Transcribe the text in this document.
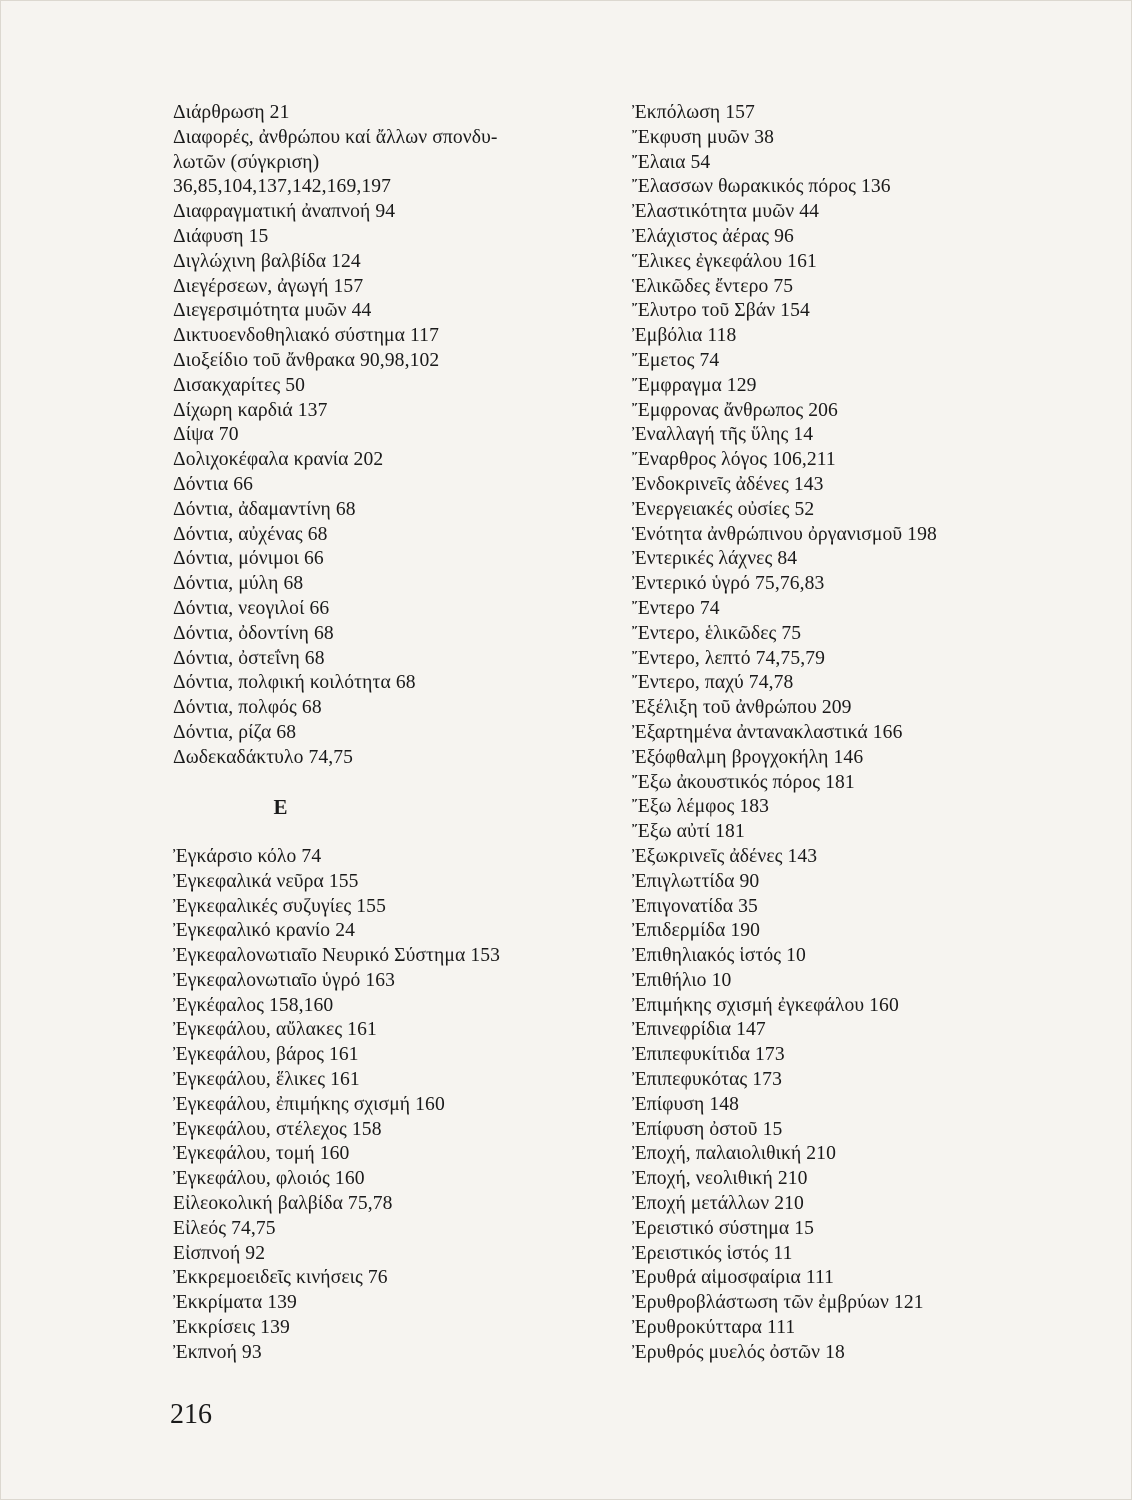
Διάρθρωση 21
Διαφορές, ἀνθρώπου καί ἄλλων σπονδυ-
λωτῶν (σύγκριση)
36,85,104,137,142,169,197
Διαφραγματική ἀναπνοή 94
Διάφυση 15
Διγλώχινη βαλβίδα 124
Διεγέρσεων, ἀγωγή 157
Διεγερσιμότητα μυῶν 44
Δικτυοενδοθηλιακό σύστημα 117
Διοξείδιο τοῦ ἄνθρακα 90,98,102
Δισακχαρίτες 50
Δίχωρη καρδιά 137
Δίψα 70
Δολιχοκέφαλα κρανία 202
Δόντια 66
Δόντια, ἀδαμαντίνη 68
Δόντια, αὐχένας 68
Δόντια, μόνιμοι 66
Δόντια, μύλη 68
Δόντια, νεογιλοί 66
Δόντια, ὀδοντίνη 68
Δόντια, ὀστεΐνη 68
Δόντια, πολφική κοιλότητα 68
Δόντια, πολφός 68
Δόντια, ρίζα 68
Δωδεκαδάκτυλο 74,75
E
Ἐγκάρσιο κόλο 74
Ἐγκεφαλικά νεῦρα 155
Ἐγκεφαλικές συζυγίες 155
Ἐγκεφαλικό κρανίο 24
Ἐγκεφαλονωτιαῖο Νευρικό Σύστημα 153
Ἐγκεφαλονωτιαῖο ὑγρό 163
Ἐγκέφαλος 158,160
Ἐγκεφάλου, αὔλακες 161
Ἐγκεφάλου, βάρος 161
Ἐγκεφάλου, ἕλικες 161
Ἐγκεφάλου, ἐπιμήκης σχισμή 160
Ἐγκεφάλου, στέλεχος 158
Ἐγκεφάλου, τομή 160
Ἐγκεφάλου, φλοιός 160
Εἰλεοκολική βαλβίδα 75,78
Εἰλεός 74,75
Εἰσπνοή 92
Ἐκκρεμοειδεῖς κινήσεις 76
Ἐκκρίματα 139
Ἐκκρίσεις 139
Ἐκπνοή 93
Ἐκπόλωση 157
Ἔκφυση μυῶν 38
Ἔλαια 54
Ἔλασσων θωρακικός πόρος 136
Ἐλαστικότητα μυῶν 44
Ἐλάχιστος ἀέρας 96
Ἕλικες ἐγκεφάλου 161
Ἑλικῶδες ἔντερο 75
Ἔλυτρο τοῦ Σβάν 154
Ἐμβόλια 118
Ἔμετος 74
Ἔμφραγμα 129
Ἔμφρονας ἄνθρωπος 206
Ἐναλλαγή τῆς ὕλης 14
Ἔναρθρος λόγος 106,211
Ἐνδοκρινεῖς ἀδένες 143
Ἐνεργειακές οὐσίες 52
Ἑνότητα ἀνθρώπινου ὀργανισμοῦ 198
Ἐντερικές λάχνες 84
Ἐντερικό ὑγρό 75,76,83
Ἔντερο 74
Ἔντερο, ἑλικῶδες 75
Ἔντερο, λεπτό 74,75,79
Ἔντερο, παχύ 74,78
Ἐξέλιξη τοῦ ἀνθρώπου 209
Ἐξαρτημένα ἀντανακλαστικά 166
Ἐξόφθαλμη βρογχοκήλη 146
Ἔξω ἀκουστικός πόρος 181
Ἔξω λέμφος 183
Ἔξω αὐτί 181
Ἐξωκρινεῖς ἀδένες 143
Ἐπιγλωττίδα 90
Ἐπιγονατίδα 35
Ἐπιδερμίδα 190
Ἐπιθηλιακός ἱστός 10
Ἐπιθήλιο 10
Ἐπιμήκης σχισμή ἐγκεφάλου 160
Ἐπινεφρίδια 147
Ἐπιπεφυκίτιδα 173
Ἐπιπεφυκότας 173
Ἐπίφυση 148
Ἐπίφυση ὀστοῦ 15
Ἐποχή, παλαιολιθική 210
Ἐποχή, νεολιθική 210
Ἐποχή μετάλλων 210
Ἐρειστικό σύστημα 15
Ἐρειστικός ἱστός 11
Ἐρυθρά αἱμοσφαίρια 111
Ἐρυθροβλάστωση τῶν ἐμβρύων 121
Ἐρυθροκύτταρα 111
Ἐρυθρός μυελός ὀστῶν 18
216
